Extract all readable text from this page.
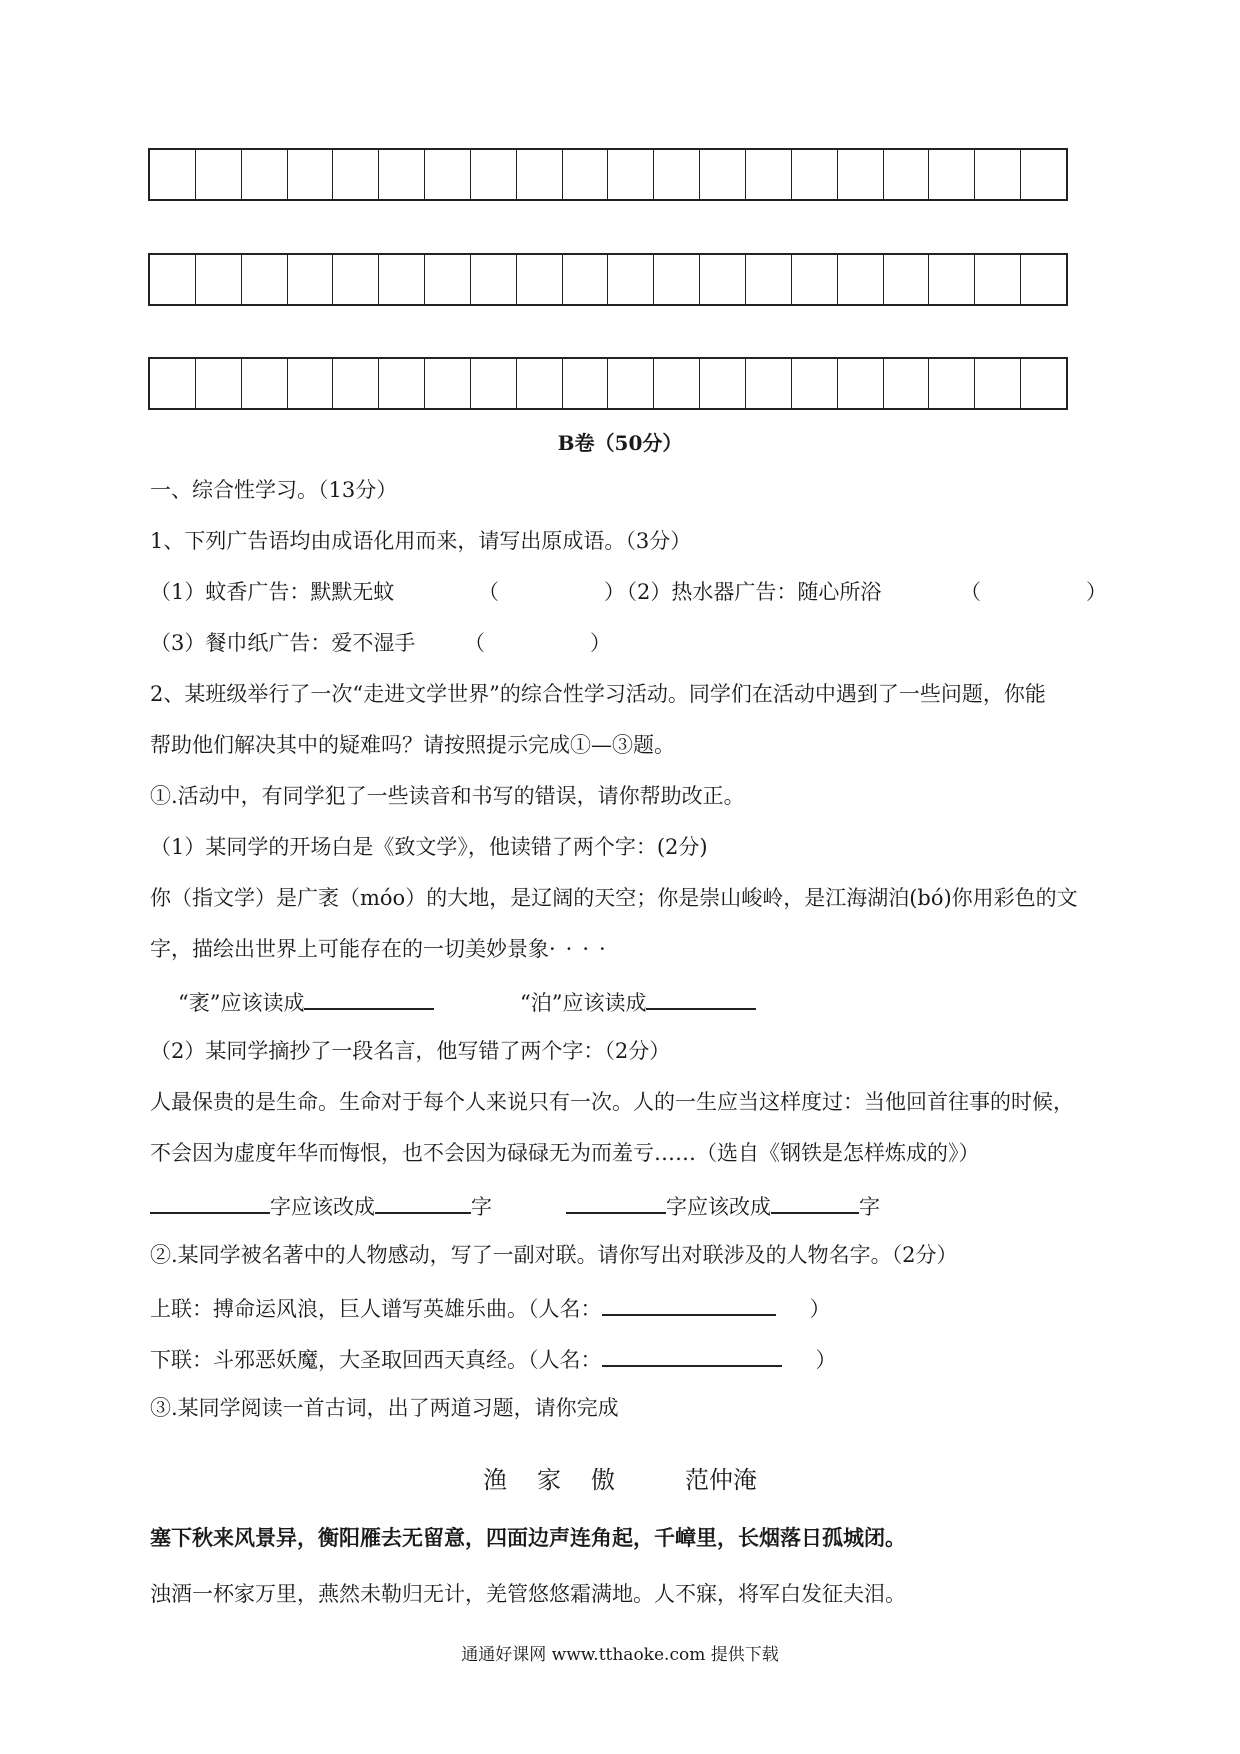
B卷（50分）
一、综合性学习。（13分）
1、下列广告语均由成语化用而来，请写出原成语。（3分）
（1）蚊香广告：默默无蚊	（　　　　　）
（2）热水器广告：随心所浴	（　　　　　）
（3）餐巾纸广告：爱不湿手 （　　　　　）
2、某班级举行了一次“走进文学世界”的综合性学习活动。同学们在活动中遇到了一些问题，你能
帮助他们解决其中的疑难吗？请按照提示完成①—③题。
①.活动中，有同学犯了一些读音和书写的错误，请你帮助改正。
（1）某同学的开场白是《致文学》，他读错了两个字：(2分)
你（指文学）是广袤（móo）的大地，是辽阔的天空；你是崇山峻岭，是江海湖泊(bó)你用彩色的文
字，描绘出世界上可能存在的一切美妙景象····
“袤”应该读成	“泊”应该读成
（2）某同学摘抄了一段名言，他写错了两个字：（2分）
人最保贵的是生命。生命对于每个人来说只有一次。人的一生应当这样度过：当他回首往事的时候，
不会因为虚度年华而悔恨，也不会因为碌碌无为而羞亏……（选自《钢铁是怎样炼成的》）
字应该改成	字	字应该改成	字
②.某同学被名著中的人物感动，写了一副对联。请你写出对联涉及的人物名字。（2分）
上联：搏命运风浪，巨人谱写英雄乐曲。（人名：	）
下联：斗邪恶妖魔，大圣取回西天真经。（人名：	）
③.某同学阅读一首古词，出了两道习题，请你完成
渔 家 傲	范仲淹
塞下秋来风景异，衡阳雁去无留意，四面边声连角起，千嶂里，长烟落日孤城闭。
浊酒一杯家万里，燕然未勒归无计，羌管悠悠霜满地。人不寐，将军白发征夫泪。
通通好课网 www.tthaoke.com 提供下载
